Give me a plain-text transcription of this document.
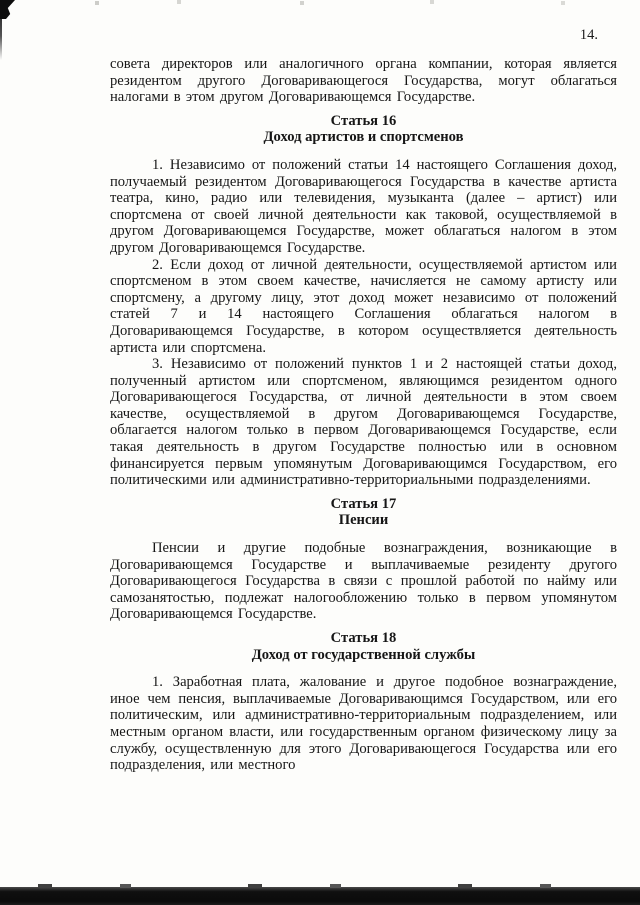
14.

совета директоров или аналогичного органа компании, которая является резидентом другого Договаривающегося Государства, могут облагаться налогами в этом другом Договаривающемся Государстве.

Статья 16
Доход артистов и спортсменов

1. Независимо от положений статьи 14 настоящего Соглашения доход, получаемый резидентом Договаривающегося Государства в качестве артиста театра, кино, радио или телевидения, музыканта (далее – артист) или спортсмена от своей личной деятельности как таковой, осуществляемой в другом Договаривающемся Государстве, может облагаться налогом в этом другом Договаривающемся Государстве.

2. Если доход от личной деятельности, осуществляемой артистом или спортсменом в этом своем качестве, начисляется не самому артисту или спортсмену, а другому лицу, этот доход может независимо от положений статей 7 и 14 настоящего Соглашения облагаться налогом в Договаривающемся Государстве, в котором осуществляется деятельность артиста или спортсмена.

3. Независимо от положений пунктов 1 и 2 настоящей статьи доход, полученный артистом или спортсменом, являющимся резидентом одного Договаривающегося Государства, от личной деятельности в этом своем качестве, осуществляемой в другом Договаривающемся Государстве, облагается налогом только в первом Договаривающемся Государстве, если такая деятельность в другом Государстве полностью или в основном финансируется первым упомянутым Договаривающимся Государством, его политическими или административно-территориальными подразделениями.

Статья 17
Пенсии

Пенсии и другие подобные вознаграждения, возникающие в Договаривающемся Государстве и выплачиваемые резиденту другого Договаривающегося Государства в связи с прошлой работой по найму или самозанятостью, подлежат налогообложению только в первом упомянутом Договаривающемся Государстве.

Статья 18
Доход от государственной службы

1. Заработная плата, жалование и другое подобное вознаграждение, иное чем пенсия, выплачиваемые Договаривающимся Государством, или его политическим, или административно-территориальным подразделением, или местным органом власти, или государственным органом физическому лицу за службу, осуществленную для этого Договаривающегося Государства или его подразделения, или местного
